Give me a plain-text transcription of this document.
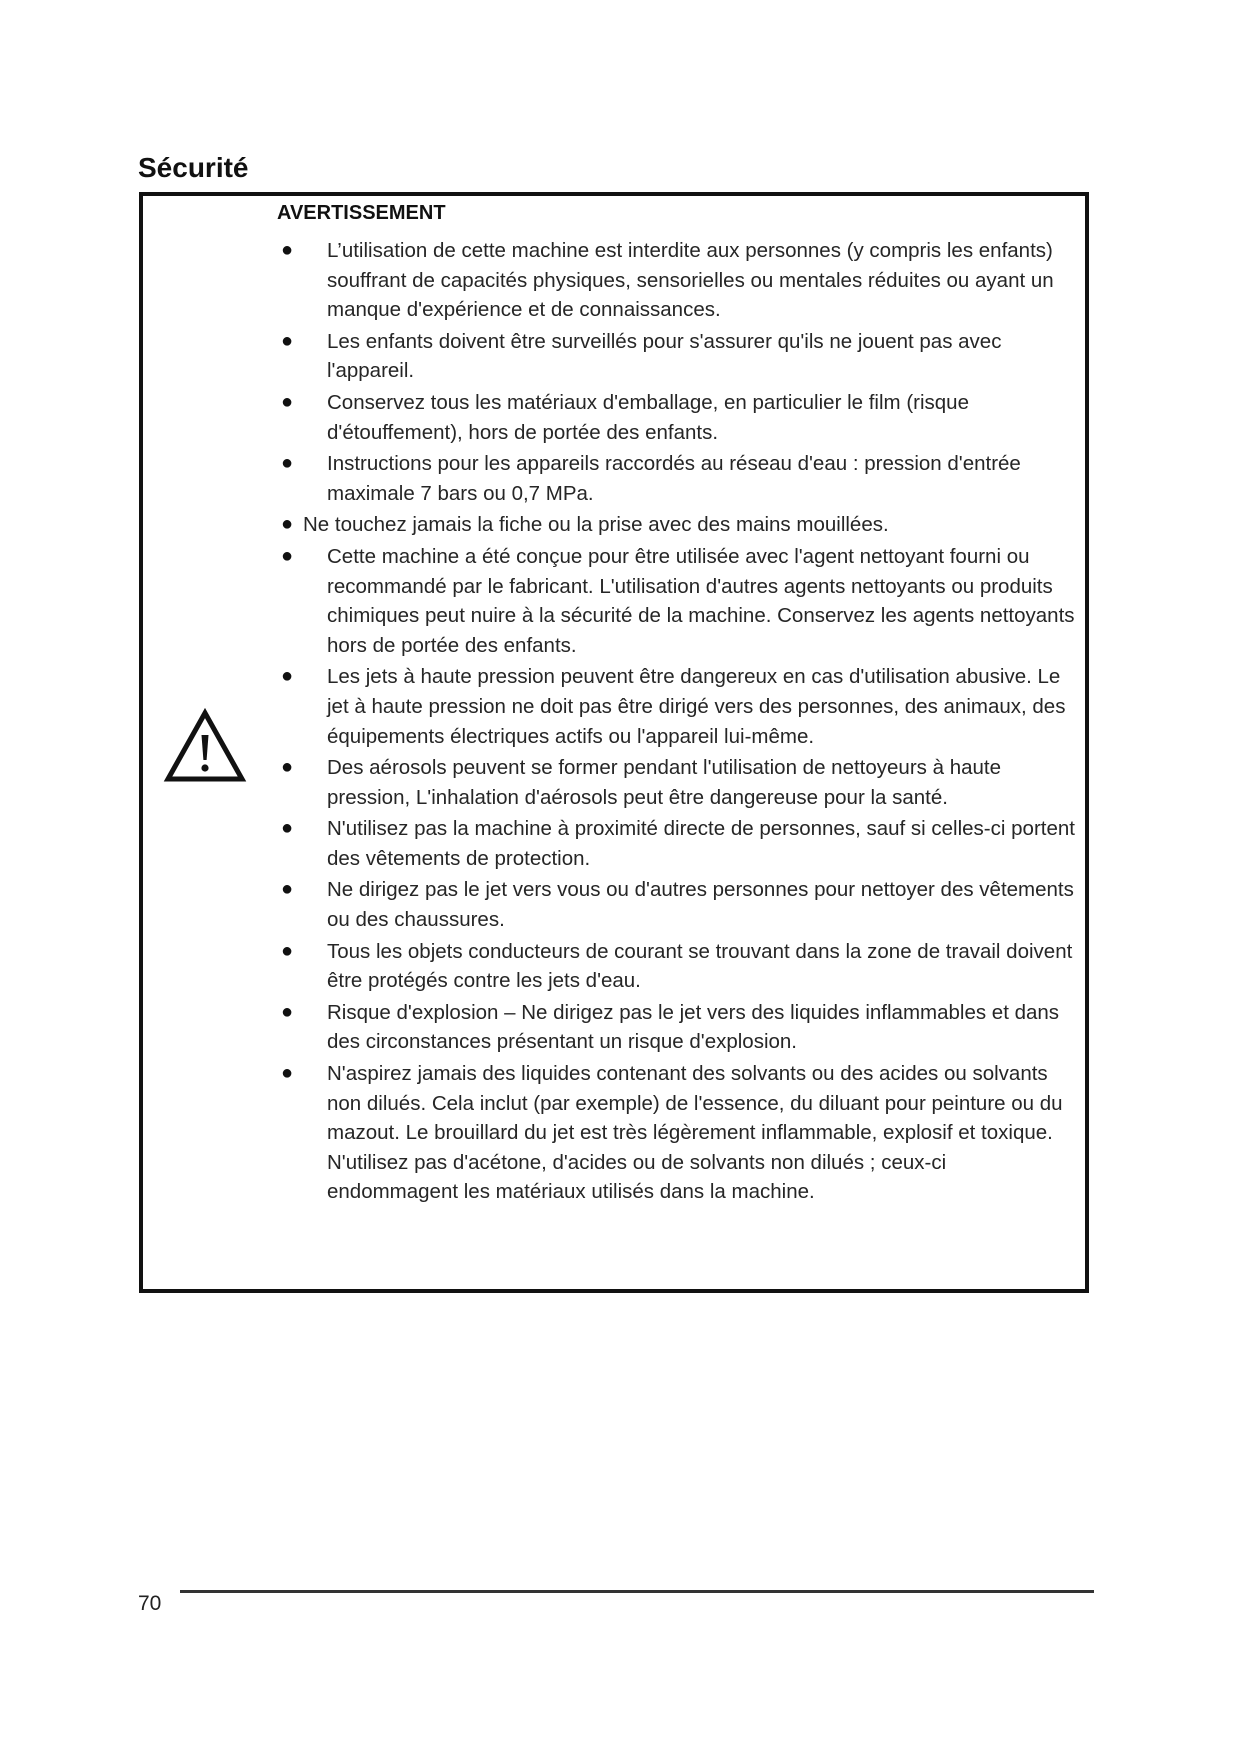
Sécurité
AVERTISSEMENT
● L’utilisation de cette machine est interdite aux personnes (y compris les enfants) souffrant de capacités physiques, sensorielles ou mentales réduites ou ayant un manque d'expérience et de connaissances.
● Les enfants doivent être surveillés pour s'assurer qu'ils ne jouent pas avec l'appareil.
● Conservez tous les matériaux d'emballage, en particulier le film (risque d'étouffement), hors de portée des enfants.
● Instructions pour les appareils raccordés au réseau d'eau : pression d'entrée maximale 7 bars ou 0,7 MPa.
● Ne touchez jamais la fiche ou la prise avec des mains mouillées.
● Cette machine a été conçue pour être utilisée avec l'agent nettoyant fourni ou recommandé par le fabricant. L'utilisation d'autres agents nettoyants ou produits chimiques peut nuire à la sécurité de la machine. Conservez les agents nettoyants hors de portée des enfants.
● Les jets à haute pression peuvent être dangereux en cas d'utilisation abusive. Le jet à haute pression ne doit pas être dirigé vers des personnes, des animaux, des équipements électriques actifs ou l'appareil lui-même.
● Des aérosols peuvent se former pendant l'utilisation de nettoyeurs à haute pression, L'inhalation d'aérosols peut être dangereuse pour la santé.
● N'utilisez pas la machine à proximité directe de personnes, sauf si celles-ci portent des vêtements de protection.
● Ne dirigez pas le jet vers vous ou d'autres personnes pour nettoyer des vêtements ou des chaussures.
● Tous les objets conducteurs de courant se trouvant dans la zone de travail doivent être protégés contre les jets d'eau.
● Risque d'explosion – Ne dirigez pas le jet vers des liquides inflammables et dans des circonstances présentant un risque d'explosion.
● N'aspirez jamais des liquides contenant des solvants ou des acides ou solvants non dilués. Cela inclut (par exemple) de l'essence, du diluant pour peinture ou du mazout. Le brouillard du jet est très légèrement inflammable, explosif et toxique. N'utilisez pas d'acétone, d'acides ou de solvants non dilués ; ceux-ci endommagent les matériaux utilisés dans la machine.
70
